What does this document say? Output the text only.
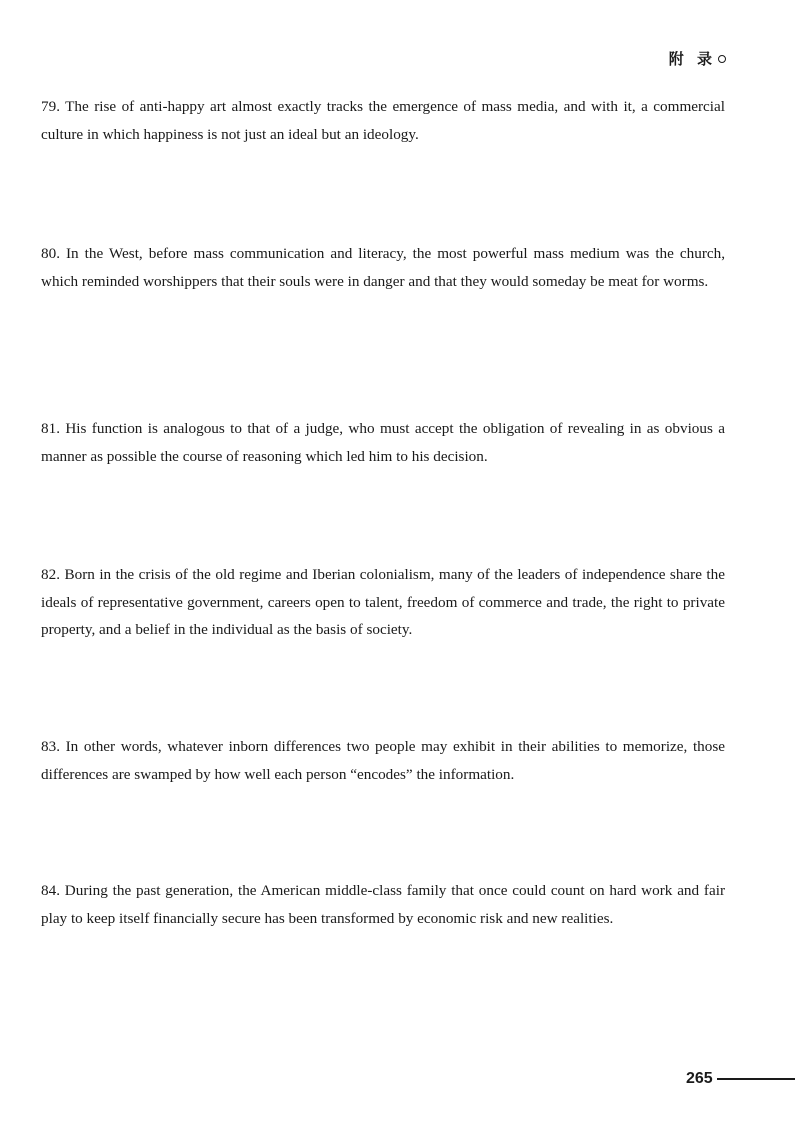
附 录

79. The rise of anti-happy art almost exactly tracks the emergence of mass media, and with it, a commercial culture in which happiness is not just an ideal but an ideology.

80. In the West, before mass communication and literacy, the most powerful mass medium was the church, which reminded worshippers that their souls were in danger and that they would someday be meat for worms.

81. His function is analogous to that of a judge, who must accept the obligation of revealing in as obvious a manner as possible the course of reasoning which led him to his decision.

82. Born in the crisis of the old regime and Iberian colonialism, many of the leaders of independence share the ideals of representative government, careers open to talent, freedom of commerce and trade, the right to private property, and a belief in the individual as the basis of society.

83. In other words, whatever inborn differences two people may exhibit in their abilities to memorize, those differences are swamped by how well each person “encodes” the information.

84. During the past generation, the American middle-class family that once could count on hard work and fair play to keep itself financially secure has been transformed by economic risk and new realities.

265
